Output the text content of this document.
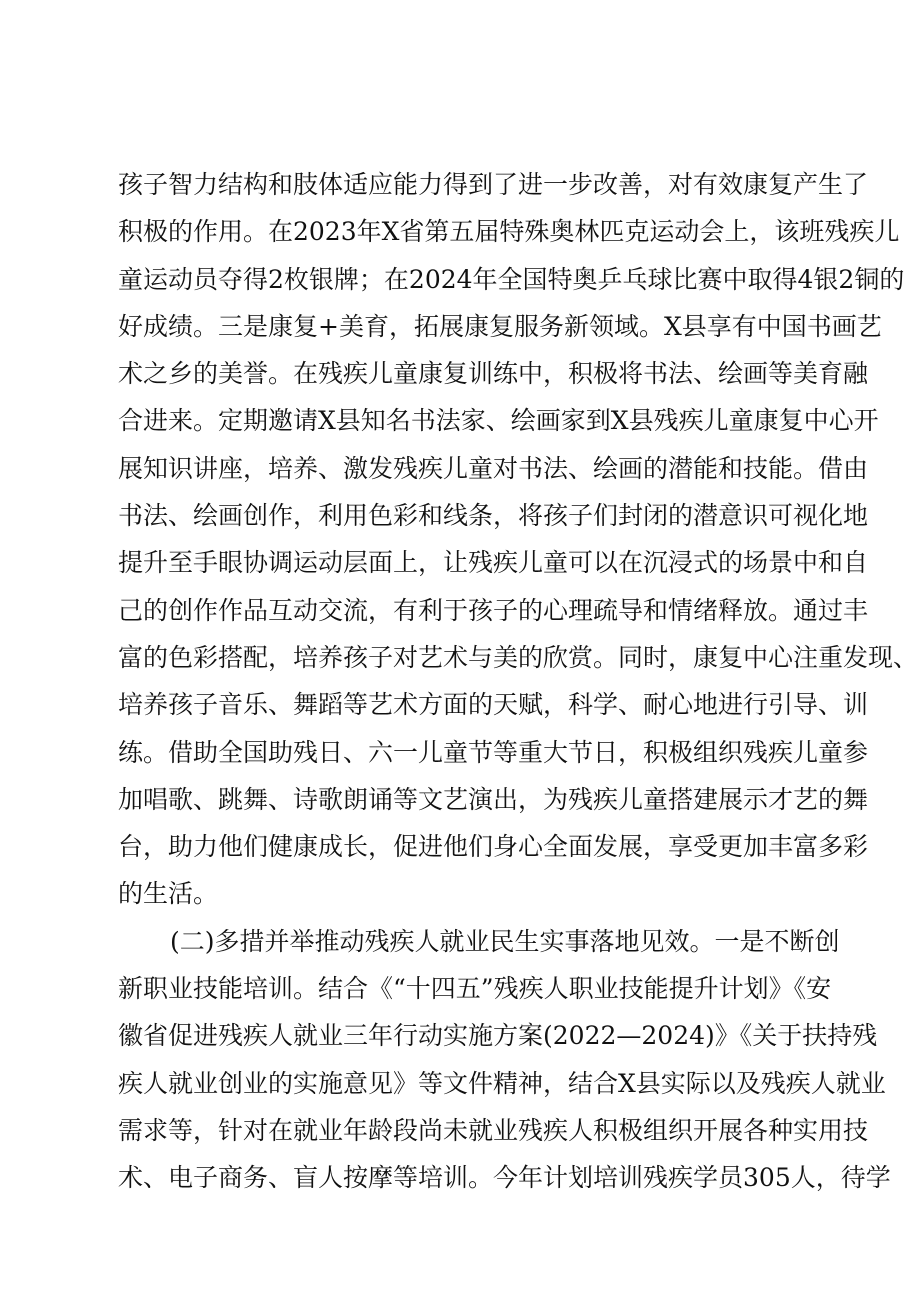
孩子智力结构和肢体适应能力得到了进一步改善，对有效康复产生了
积极的作用。在2023年X省第五届特殊奥林匹克运动会上，该班残疾儿
童运动员夺得2枚银牌；在2024年全国特奥乒乓球比赛中取得4银2铜的
好成绩。三是康复+美育，拓展康复服务新领域。X县享有中国书画艺
术之乡的美誉。在残疾儿童康复训练中，积极将书法、绘画等美育融
合进来。定期邀请X县知名书法家、绘画家到X县残疾儿童康复中心开
展知识讲座，培养、激发残疾儿童对书法、绘画的潜能和技能。借由
书法、绘画创作，利用色彩和线条，将孩子们封闭的潜意识可视化地
提升至手眼协调运动层面上，让残疾儿童可以在沉浸式的场景中和自
己的创作作品互动交流，有利于孩子的心理疏导和情绪释放。通过丰
富的色彩搭配，培养孩子对艺术与美的欣赏。同时，康复中心注重发现、
培养孩子音乐、舞蹈等艺术方面的天赋，科学、耐心地进行引导、训
练。借助全国助残日、六一儿童节等重大节日，积极组织残疾儿童参
加唱歌、跳舞、诗歌朗诵等文艺演出，为残疾儿童搭建展示才艺的舞
台，助力他们健康成长，促进他们身心全面发展，享受更加丰富多彩
的生活。
(二)多措并举推动残疾人就业民生实事落地见效。一是不断创
新职业技能培训。结合《“十四五”残疾人职业技能提升计划》《安
徽省促进残疾人就业三年行动实施方案(2022—2024)》《关于扶持残
疾人就业创业的实施意见》等文件精神，结合X县实际以及残疾人就业
需求等，针对在就业年龄段尚未就业残疾人积极组织开展各种实用技
术、电子商务、盲人按摩等培训。今年计划培训残疾学员305人，待学
